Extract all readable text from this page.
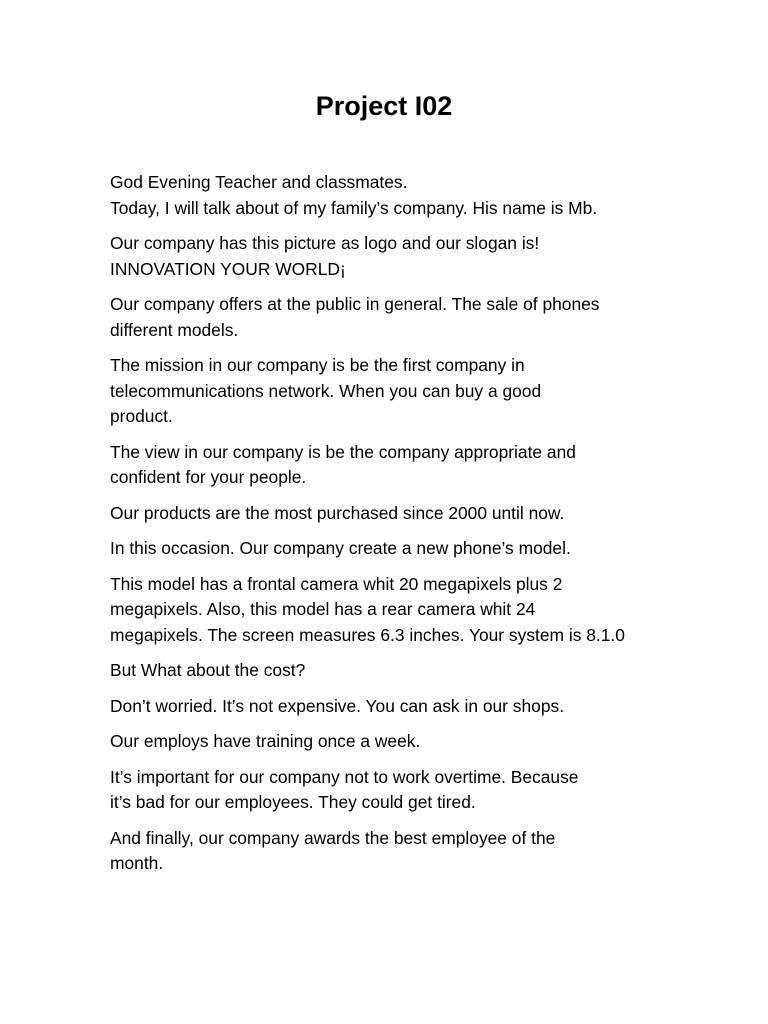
Project I02

God Evening Teacher and classmates.
Today, I will talk about of my family’s company. His name is Mb.

Our company has this picture as logo and our slogan is!
INNOVATION YOUR WORLD¡

Our company offers at the public in general. The sale of phones
different models.

The mission in our company is be the first company in
telecommunications network. When you can buy a good
product.

The view in our company is be the company appropriate and
confident for your people.

Our products are the most purchased since 2000 until now.

In this occasion. Our company create a new phone’s model.

This model has a frontal camera whit 20 megapixels plus 2
megapixels. Also, this model has a rear camera whit 24
megapixels. The screen measures 6.3 inches. Your system is 8.1.0

But What about the cost?

Don’t worried. It’s not expensive. You can ask in our shops.

Our employs have training once a week.

It’s important for our company not to work overtime. Because
it’s bad for our employees. They could get tired.

And finally, our company awards the best employee of the
month.
